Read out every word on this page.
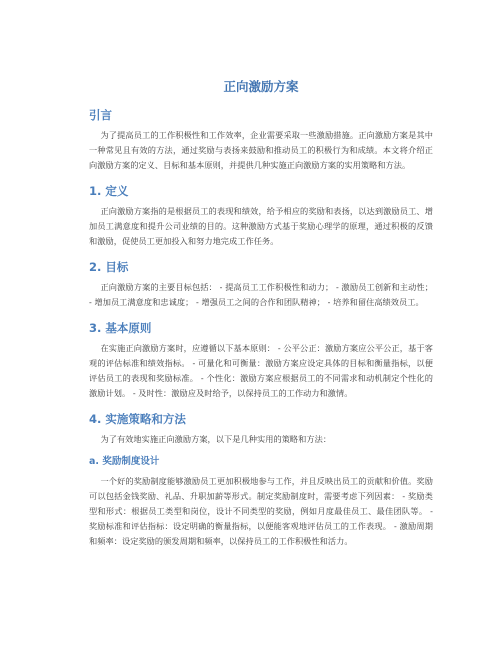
正向激励方案
引言

为了提高员工的工作积极性和工作效率，企业需要采取一些激励措施。正向激励方案是其中一种常见且有效的方法，通过奖励与表扬来鼓励和推动员工的积极行为和成绩。本文将介绍正向激励方案的定义、目标和基本原则，并提供几种实施正向激励方案的实用策略和方法。

1. 定义

正向激励方案指的是根据员工的表现和绩效，给予相应的奖励和表扬，以达到激励员工、增加员工满意度和提升公司业绩的目的。这种激励方式基于奖励心理学的原理，通过积极的反馈和激励，促使员工更加投入和努力地完成工作任务。

2. 目标

正向激励方案的主要目标包括： - 提高员工工作积极性和动力； - 激励员工创新和主动性； - 增加员工满意度和忠诚度； - 增强员工之间的合作和团队精神； - 培养和留住高绩效员工。

3. 基本原则

在实施正向激励方案时，应遵循以下基本原则： - 公平公正：激励方案应公平公正，基于客观的评估标准和绩效指标。 - 可量化和可衡量：激励方案应设定具体的目标和衡量指标，以便评估员工的表现和奖励标准。 - 个性化：激励方案应根据员工的不同需求和动机制定个性化的激励计划。 - 及时性：激励应及时给予，以保持员工的工作动力和激情。

4. 实施策略和方法

为了有效地实施正向激励方案，以下是几种实用的策略和方法：

a. 奖励制度设计

一个好的奖励制度能够激励员工更加积极地参与工作，并且反映出员工的贡献和价值。奖励可以包括金钱奖励、礼品、升职加薪等形式。制定奖励制度时，需要考虑下列因素： - 奖励类型和形式：根据员工类型和岗位，设计不同类型的奖励，例如月度最佳员工、最佳团队等。 - 奖励标准和评估指标：设定明确的衡量指标，以便能客观地评估员工的工作表现。 - 激励周期和频率：设定奖励的颁发周期和频率，以保持员工的工作积极性和活力。
